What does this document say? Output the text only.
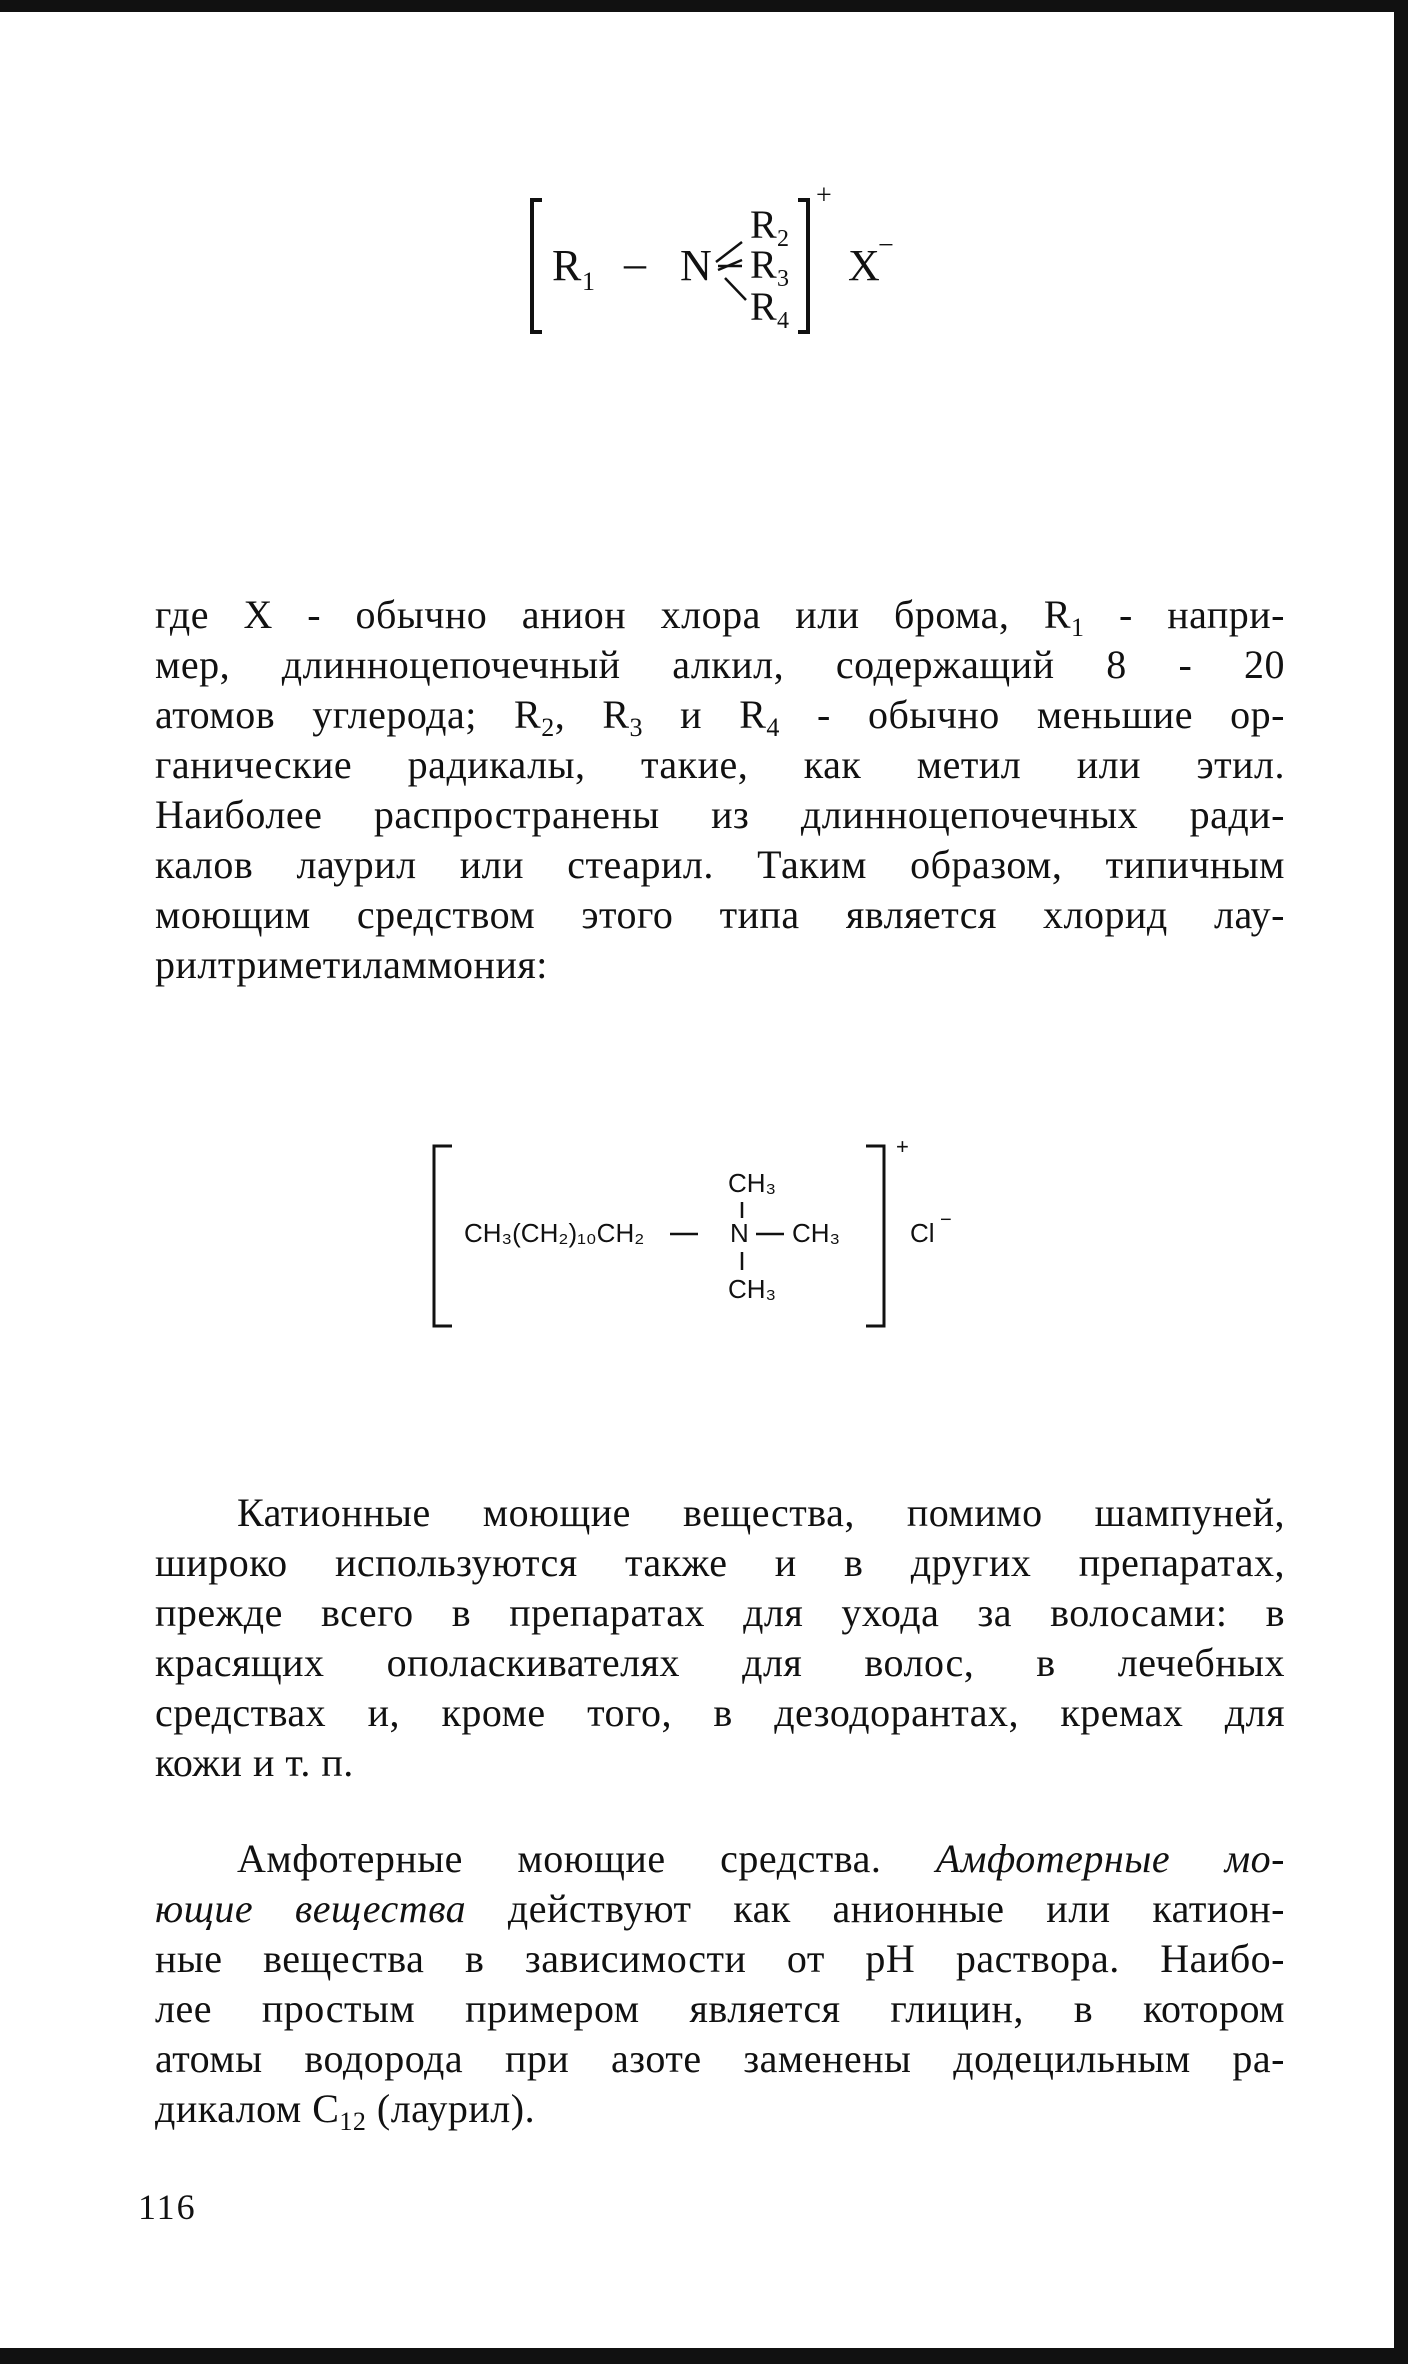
R 1 – N
R 2
R 3
R 4
+
X
−
где X - обычно анион хлора или брома, $R_1$ - напри-
мер, длинноцепочечный алкил, содержащий 8 - 20
атомов углерода; $R_2$, $R_3$ и $R_4$ - обычно меньшие ор-
ганические радикалы, такие, как метил или этил.
Наиболее распространены из длинноцепочечных ради-
калов лаурил или стеарил. Таким образом, типичным
моющим средством этого типа является хлорид лау-
рилтриметиламмония:
CH₃
CH₃(CH₂)₁₀CH₂	N CH₃
CH₃
+
Cl −
Катионные моющие вещества, помимо шампуней,
широко используются также и в других препаратах,
прежде всего в препаратах для ухода за волосами: в
красящих ополаскивателях для волос, в лечебных
средствах и, кроме того, в дезодорантах, кремах для
кожи и т. п.
Амфотерные моющие средства. Амфотерные мо-
ющие вещества действуют как анионные или катион-
ные вещества в зависимости от pH раствора. Наибо-
лее простым примером является глицин, в котором
атомы водорода при азоте заменены додецильным ра-
дикалом $C_{12}$ (лаурил).
116
